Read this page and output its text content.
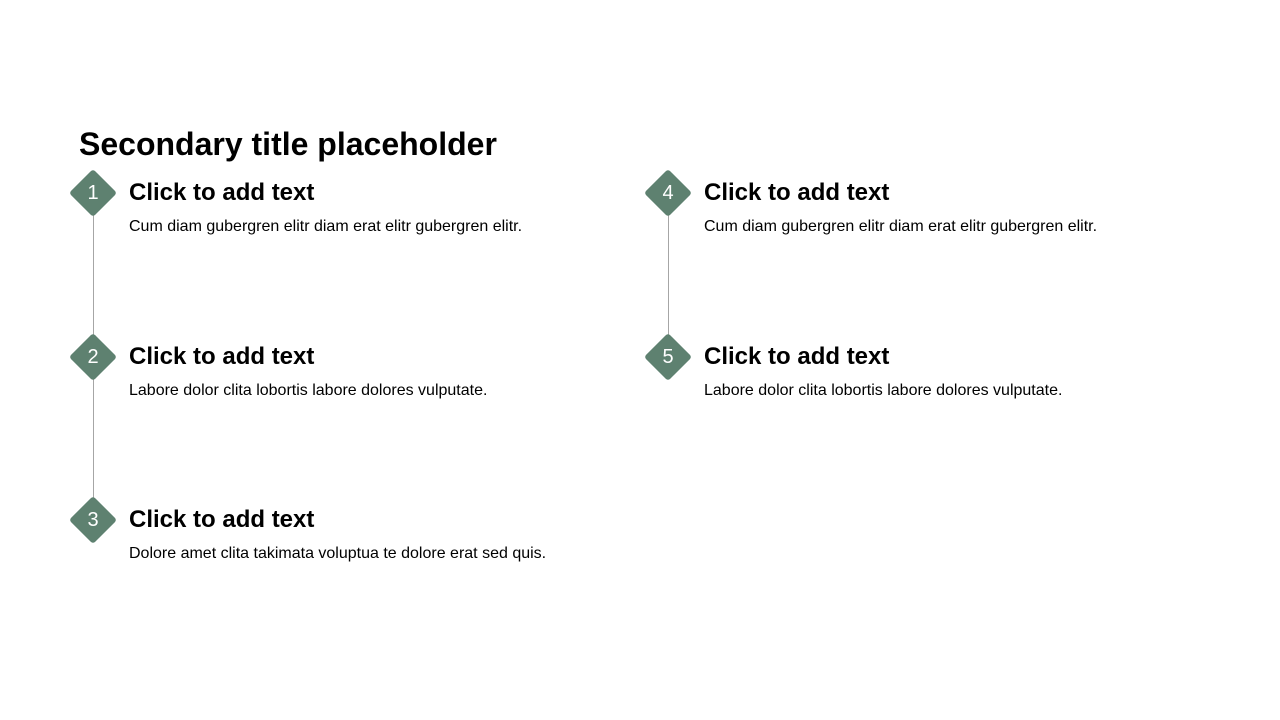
Secondary title placeholder
1	Click to add text

Cum diam gubergren elitr diam erat elitr gubergren elitr.

2	Click to add text

Labore dolor clita lobortis labore dolores vulputate.

3	Click to add text

Dolore amet clita takimata voluptua te dolore erat sed quis.

4	Click to add text

Cum diam gubergren elitr diam erat elitr gubergren elitr.

5	Click to add text

Labore dolor clita lobortis labore dolores vulputate.
